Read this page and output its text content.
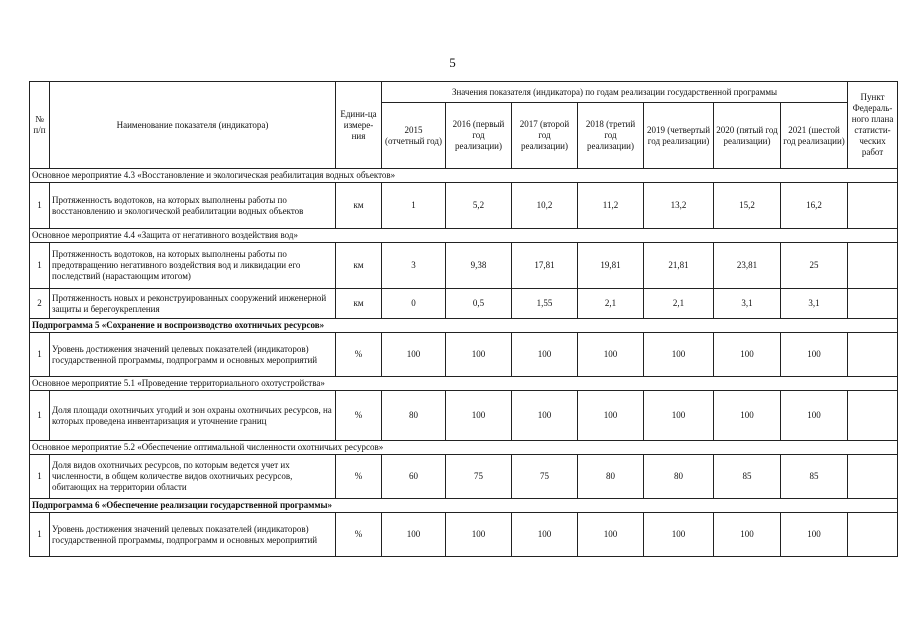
5
№ п/п	Наименование показателя (индикатора)	Едини-ца измере-ния	Значения показателя (индикатора) по годам реализации государственной программы							Пункт Федераль-ного плана статисти-ческих работ
			2015 (отчетный год)	2016 (первый год реализации)	2017 (второй год реализации)	2018 (третий год реализации)	2019 (четвертый год реализации)	2020 (пятый год реализации)	2021 (шестой год реализации)	
Основное мероприятие 4.3 «Восстановление и экологическая реабилитация водных объектов»										
1	Протяженность водотоков, на которых выполнены работы по восстановлению и экологической реабилитации водных объектов	км	1	5,2	10,2	11,2	13,2	15,2	16,2	
Основное мероприятие 4.4 «Защита от негативного воздействия вод»										
1	Протяженность водотоков, на которых выполнены работы по предотвращению негативного воздействия вод и ликвидации его последствий (нарастающим итогом)	км	3	9,38	17,81	19,81	21,81	23,81	25	
2	Протяженность новых и реконструированных сооружений инженерной защиты и берегоукрепления	км	0	0,5	1,55	2,1	2,1	3,1	3,1	
Подпрограмма 5 «Сохранение и воспроизводство охотничьих ресурсов»										
1	Уровень достижения значений целевых показателей (индикаторов) государственной программы, подпрограмм и основных мероприятий	%	100	100	100	100	100	100	100	
Основное мероприятие 5.1 «Проведение территориального охотустройства»										
1	Доля площади охотничьих угодий и зон охраны охотничьих ресурсов, на которых проведена инвентаризация и уточнение границ	%	80	100	100	100	100	100	100	
Основное мероприятие 5.2 «Обеспечение оптимальной численности охотничьих ресурсов»										
1	Доля видов охотничьих ресурсов, по которым ведется учет их численности, в общем количестве видов охотничьих ресурсов, обитающих на территории области	%	60	75	75	80	80	85	85	
Подпрограмма 6 «Обеспечение реализации государственной программы»										
1	Уровень достижения значений целевых показателей (индикаторов) государственной программы, подпрограмм и основных мероприятий	%	100	100	100	100	100	100	100	
